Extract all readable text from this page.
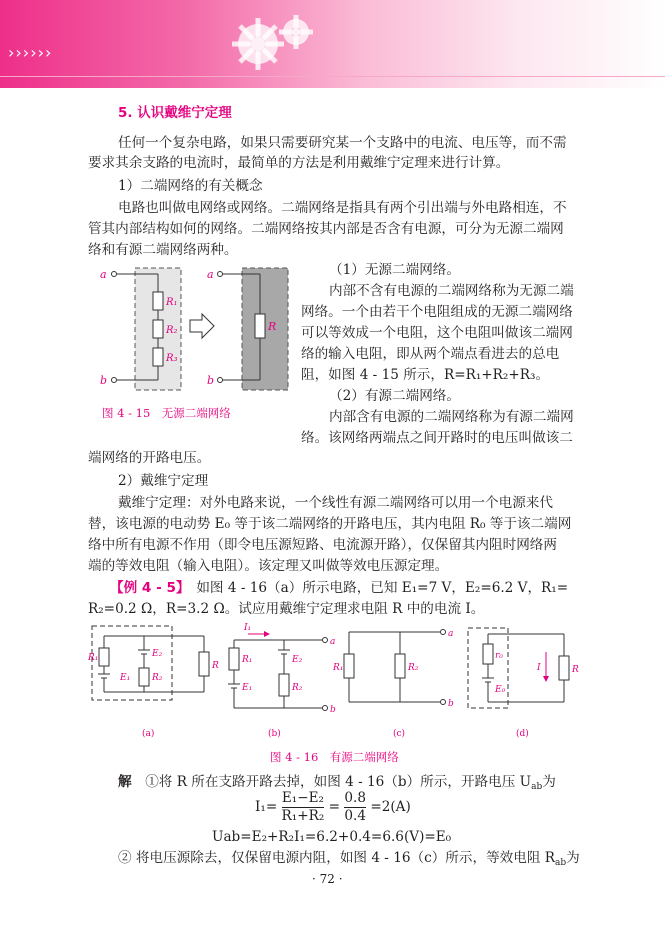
››››››
5. 认识戴维宁定理
任何一个复杂电路，如果只需要研究某一个支路中的电流、电压等，而不需
要求其余支路的电流时，最简单的方法是利用戴维宁定理来进行计算。
1）二端网络的有关概念
电路也叫做电网络或网络。二端网络是指具有两个引出端与外电路相连，不
管其内部结构如何的网络。二端网络按其内部是否含有电源，可分为无源二端网
络和有源二端网络两种。
a
b
R₁
R₂
R₃
a
b
R
图 4 - 15　无源二端网络
（1）无源二端网络。
内部不含有电源的二端网络称为无源二端
网络。一个由若干个电阻组成的无源二端网络
可以等效成一个电阻，这个电阻叫做该二端网
络的输入电阻，即从两个端点看进去的总电
阻，如图 4 - 15 所示，R=R₁+R₂+R₃。
（2）有源二端网络。
内部含有电源的二端网络称为有源二端网
络。该网络两端点之间开路时的电压叫做该二
端网络的开路电压。
2）戴维宁定理
戴维宁定理：对外电路来说，一个线性有源二端网络可以用一个电源来代
替，该电源的电动势 E₀ 等于该二端网络的开路电压，其内电阻 R₀ 等于该二端网
络中所有电源不作用（即令电压源短路、电流源开路），仅保留其内阻时网络两
端的等效电阻（输入电阻）。该定理又叫做等效电压源定理。
【例 4 - 5】　如图 4 - 16（a）所示电路，已知 E₁=7 V，E₂=6.2 V，R₁=
R₂=0.2 Ω，R=3.2 Ω。试应用戴维宁定理求电阻 R 中的电流 I。
R₁	E₂
E₁ R₂
R
R₁
I₁
E₂
E₁	R₂
a
b
R₁	R₂
a
b
r₀
E₀
I	R
(a)	(b)	(c)	(d)
图 4 - 16　有源二端网络
解　 ①将 R 所在支路开路去掉，如图 4 - 16（b）所示，开路电压 $U_{ab}$为
$I_1= \frac{\text{E₁−E₂}}{\text{R₁+R₂}} = \frac{0.8}{0.4} =2(A)$
Uab=E₂+R₂I₁=6.2+0.4=6.6(V)=E₀
② 将电压源除去，仅保留电源内阻，如图 4 - 16（c）所示，等效电阻 $R_{ab}$为
· 72 ·
